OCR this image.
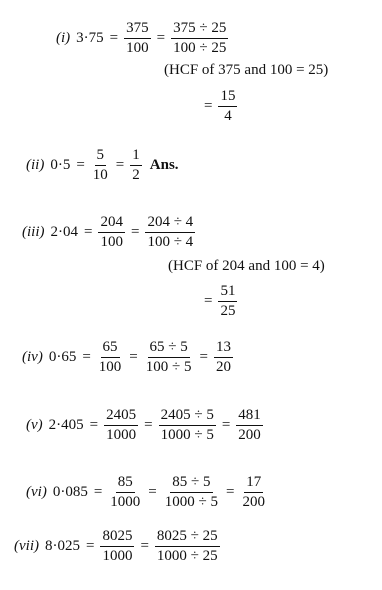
(i) $3\cdot 75 = \frac{375}{100} = \frac{375 \div 25}{100 \div 25}$
(HCF of 375 and 100 = 25)
= $\frac{15}{4}$
(ii) $0\cdot 5 = \frac{5}{10} = \frac{1}{2}$ Ans.
(iii) $2\cdot 04 = \frac{204}{100} = \frac{204 \div 4}{100 \div 4}$
(HCF of 204 and 100 = 4)
= $\frac{51}{25}$
(iv) $0\cdot 65 = \frac{65}{100} = \frac{65 \div 5}{100 \div 5} = \frac{13}{20}$
(v) $2\cdot 405 = \frac{2405}{1000} = \frac{2405 \div 5}{1000 \div 5} = \frac{481}{200}$
(vi) $0\cdot 085 = \frac{85}{1000} = \frac{85 \div 5}{1000 \div 5} = \frac{17}{200}$
(vii) $8\cdot 025 = \frac{8025}{1000} = \frac{8025 \div 25}{1000 \div 25}$
